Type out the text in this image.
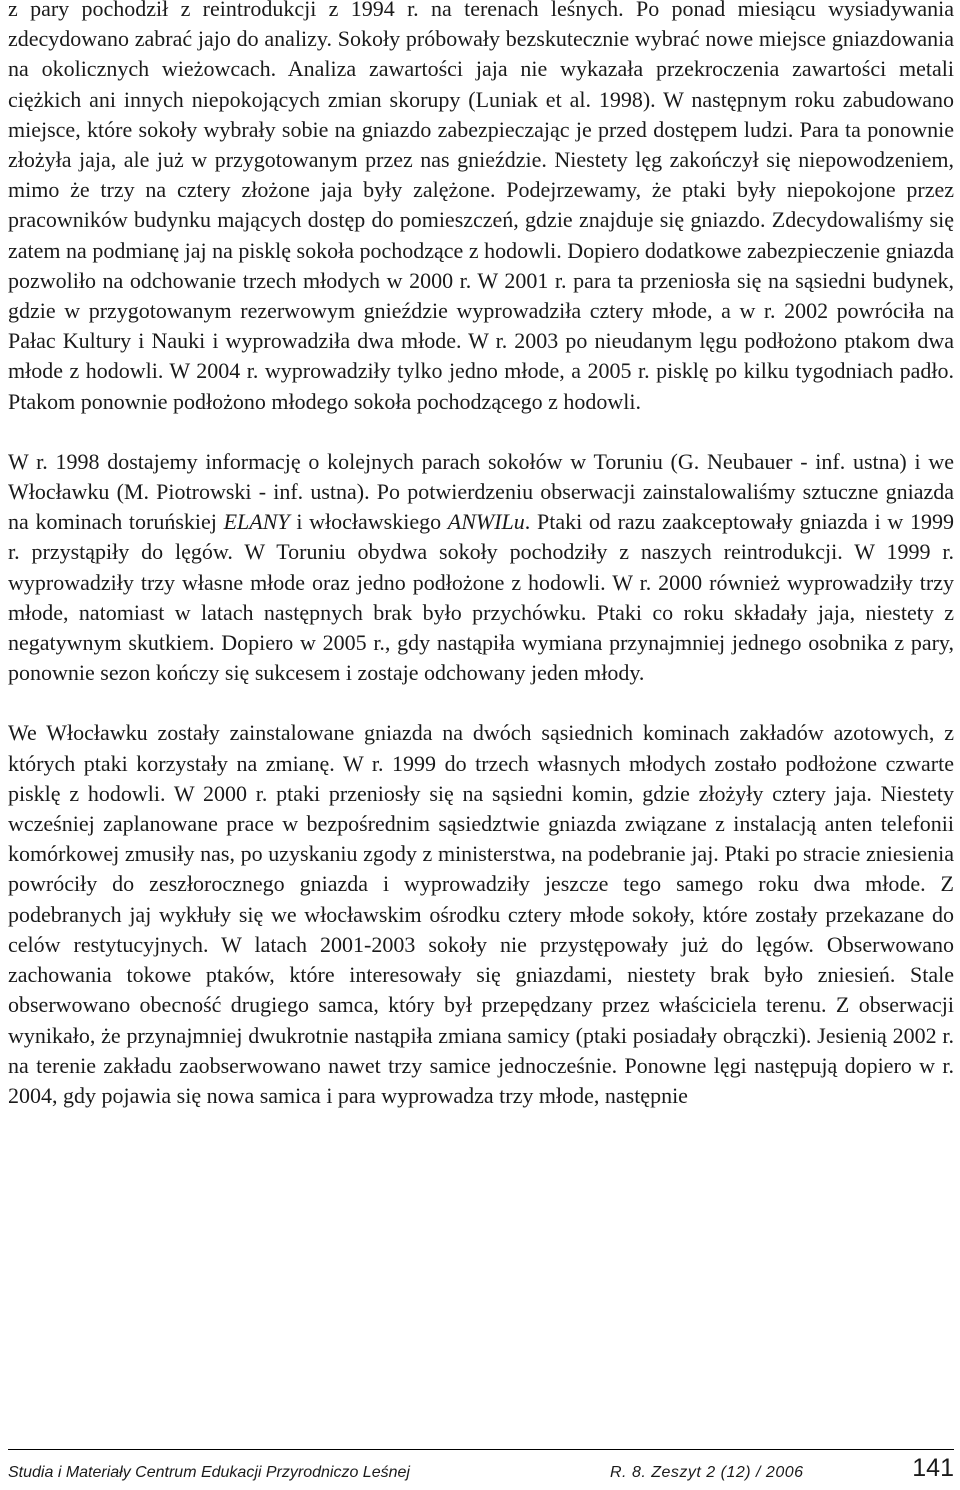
z pary pochodził z reintrodukcji z 1994 r. na terenach leśnych. Po ponad miesiącu wysiadywania zdecydowano zabrać jajo do analizy. Sokoły próbowały bezskutecznie wybrać nowe miejsce gniazdowania na okolicznych wieżowcach. Analiza zawartości jaja nie wykazała przekroczenia zawartości metali ciężkich ani innych niepokojących zmian skorupy (Luniak et al. 1998). W następnym roku zabudowano miejsce, które sokoły wybrały sobie na gniazdo zabezpieczając je przed dostępem ludzi. Para ta ponownie złożyła jaja, ale już w przygotowanym przez nas gnieździe. Niestety lęg zakończył się niepowodzeniem, mimo że trzy na cztery złożone jaja były zalężone. Podejrzewamy, że ptaki były niepokojone przez pracowników budynku mających dostęp do pomieszczeń, gdzie znajduje się gniazdo. Zdecydowaliśmy się zatem na podmianę jaj na pisklę sokoła pochodzące z hodowli. Dopiero dodatkowe zabezpieczenie gniazda pozwoliło na odchowanie trzech młodych w 2000 r. W 2001 r. para ta przeniosła się na sąsiedni budynek, gdzie w przygotowanym rezerwowym gnieździe wyprowadziła cztery młode, a w r. 2002 powróciła na Pałac Kultury i Nauki i wyprowadziła dwa młode. W r. 2003 po nieudanym lęgu podłożono ptakom dwa młode z hodowli. W 2004 r. wyprowadziły tylko jedno młode, a 2005 r. pisklę po kilku tygodniach padło. Ptakom ponownie podłożono młodego sokoła pochodzącego z hodowli.

W r. 1998 dostajemy informację o kolejnych parach sokołów w Toruniu (G. Neubauer - inf. ustna) i we Włocławku (M. Piotrowski - inf. ustna). Po potwierdzeniu obserwacji zainstalowaliśmy sztuczne gniazda na kominach toruńskiej ELANY i włocławskiego ANWILu. Ptaki od razu zaakceptowały gniazda i w 1999 r. przystąpiły do lęgów. W Toruniu obydwa sokoły pochodziły z naszych reintrodukcji. W 1999 r. wyprowadziły trzy własne młode oraz jedno podłożone z hodowli. W r. 2000 również wyprowadziły trzy młode, natomiast w latach następnych brak było przychówku. Ptaki co roku składały jaja, niestety z negatywnym skutkiem. Dopiero w 2005 r., gdy nastąpiła wymiana przynajmniej jednego osobnika z pary, ponownie sezon kończy się sukcesem i zostaje odchowany jeden młody.

We Włocławku zostały zainstalowane gniazda na dwóch sąsiednich kominach zakładów azotowych, z których ptaki korzystały na zmianę. W r. 1999 do trzech własnych młodych zostało podłożone czwarte pisklę z hodowli. W 2000 r. ptaki przeniosły się na sąsiedni komin, gdzie złożyły cztery jaja. Niestety wcześniej zaplanowane prace w bezpośrednim sąsiedztwie gniazda związane z instalacją anten telefonii komórkowej zmusiły nas, po uzyskaniu zgody z ministerstwa, na podebranie jaj. Ptaki po stracie zniesienia powróciły do zeszłorocznego gniazda i wyprowadziły jeszcze tego samego roku dwa młode. Z podebranych jaj wykłuły się we włocławskim ośrodku cztery młode sokoły, które zostały przekazane do celów restytucyjnych. W latach 2001-2003 sokoły nie przystępowały już do lęgów. Obserwowano zachowania tokowe ptaków, które interesowały się gniazdami, niestety brak było zniesień. Stale obserwowano obecność drugiego samca, który był przepędzany przez właściciela terenu. Z obserwacji wynikało, że przynajmniej dwukrotnie nastąpiła zmiana samicy (ptaki posiadały obrączki). Jesienią 2002 r. na terenie zakładu zaobserwowano nawet trzy samice jednocześnie. Ponowne lęgi następują dopiero w r. 2004, gdy pojawia się nowa samica i para wyprowadza trzy młode, następnie

Studia i Materiały Centrum Edukacji Przyrodniczo Leśnej	R. 8. Zeszyt 2 (12) / 2006	141
